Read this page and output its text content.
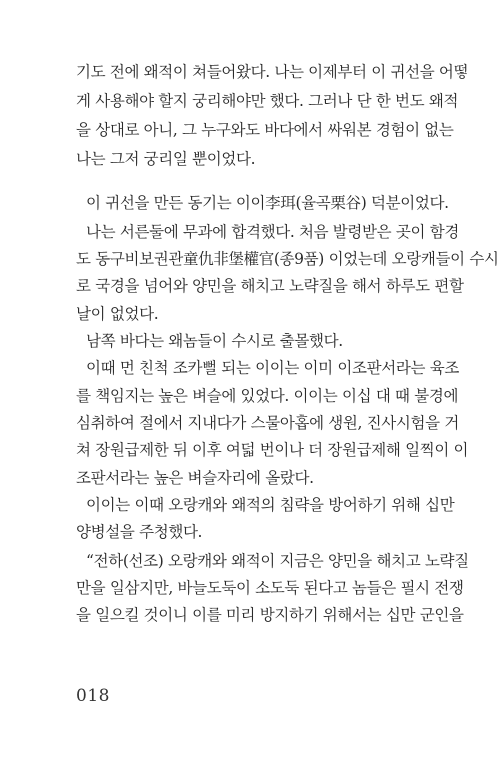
기도 전에 왜적이 쳐들어왔다. 나는 이제부터 이 귀선을 어떻
게 사용해야 할지 궁리해야만 했다. 그러나 단 한 번도 왜적
을 상대로 아니, 그 누구와도 바다에서 싸워본 경험이 없는
나는 그저 궁리일 뿐이었다.
이 귀선을 만든 동기는 이이李珥(율곡栗谷) 덕분이었다.
나는 서른둘에 무과에 합격했다. 처음 발령받은 곳이 함경
도 동구비보권관童仇非堡權官(종9품) 이었는데 오랑캐들이 수시
로 국경을 넘어와 양민을 해치고 노략질을 해서 하루도 편할
날이 없었다.
남쪽 바다는 왜놈들이 수시로 출몰했다.
이때 먼 친척 조카뻘 되는 이이는 이미 이조판서라는 육조
를 책임지는 높은 벼슬에 있었다. 이이는 이십 대 때 불경에
심취하여 절에서 지내다가 스물아홉에 생원, 진사시험을 거
쳐 장원급제한 뒤 이후 여덟 번이나 더 장원급제해 일찍이 이
조판서라는 높은 벼슬자리에 올랐다.
이이는 이때 오랑캐와 왜적의 침략을 방어하기 위해 십만
양병설을 주청했다.
“전하(선조) 오랑캐와 왜적이 지금은 양민을 해치고 노략질
만을 일삼지만, 바늘도둑이 소도둑 된다고 놈들은 필시 전쟁
을 일으킬 것이니 이를 미리 방지하기 위해서는 십만 군인을
018
